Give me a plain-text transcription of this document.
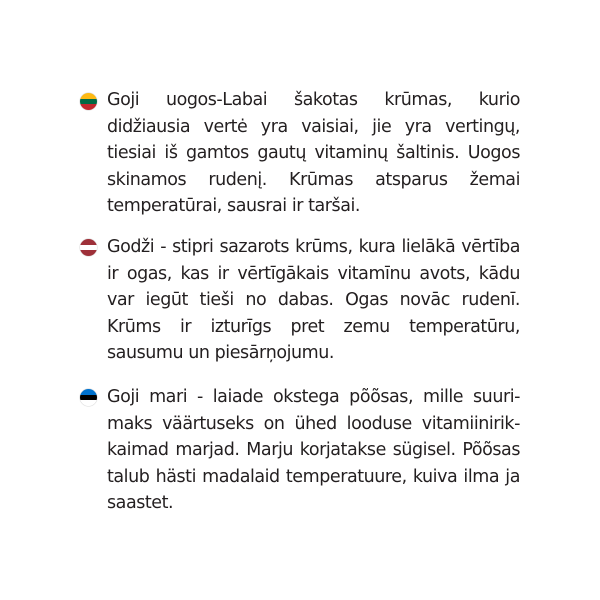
Goji uogos-Labai šakotas krūmas, kurio didžiausia vertė yra vaisiai, jie yra vertingų, tiesiai iš gamtos gautų vitaminų šaltinis. Uogos skinamos rudenį. Krūmas atsparus žemai temperatūrai, sausrai ir taršai.

Godži - stipri sazarots krūms, kura lielākā vērtība ir ogas, kas ir vērtīgākais vitamīnu avots, kādu var iegūt tieši no dabas. Ogas novāc rudenī. Krūms ir izturīgs pret zemu temperatūru, sausumu un piesārņojumu.

Goji mari - laiade okstega põõsas, mille suuri-maks väärtuseks on ühed looduse vitamiinirik-kaimad marjad. Marju korjatakse sügisel. Põõsas talub hästi madalaid temperatuure, kuiva ilma ja saastet.
